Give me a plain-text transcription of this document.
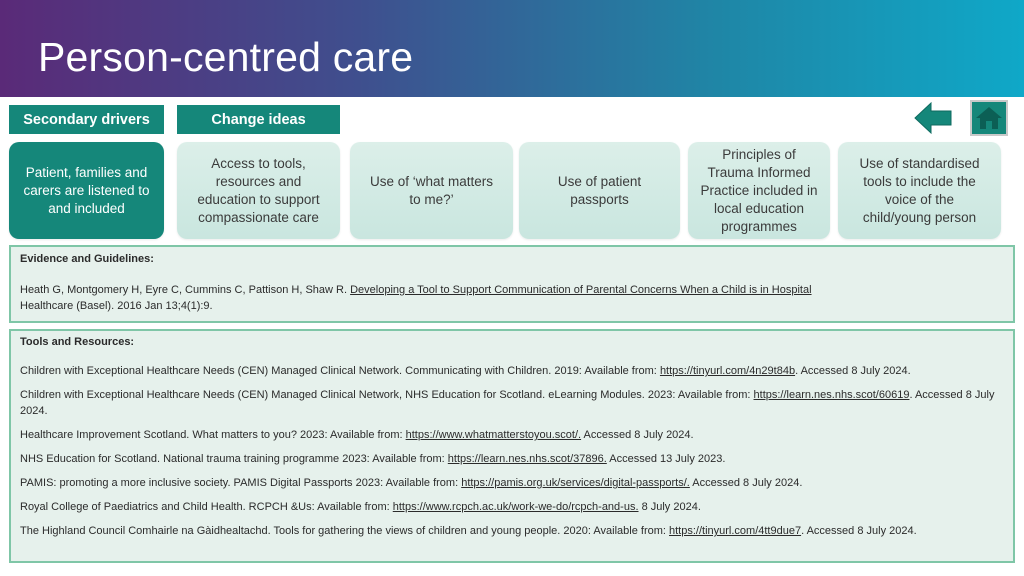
Person-centred care
Secondary drivers	Change ideas
Patient, families and carers are listened to and included
Access to tools, resources and education to support compassionate care
Use of ‘what matters to me?’
Use of patient passports
Principles of Trauma Informed Practice included in local education programmes
Use of standardised tools to include the voice of the child/young person
Evidence and Guidelines:
Heath G, Montgomery H, Eyre C, Cummins C, Pattison H, Shaw R. Developing a Tool to Support Communication of Parental Concerns When a Child is in Hospital
Healthcare (Basel). 2016 Jan 13;4(1):9.
Tools and Resources:
Children with Exceptional Healthcare Needs (CEN) Managed Clinical Network. Communicating with Children. 2019: Available from: https://tinyurl.com/4n29t84b. Accessed 8 July 2024.
Children with Exceptional Healthcare Needs (CEN) Managed Clinical Network, NHS Education for Scotland. eLearning Modules. 2023: Available from: https://learn.nes.nhs.scot/60619. Accessed 8 July 2024.
Healthcare Improvement Scotland. What matters to you? 2023: Available from: https://www.whatmatterstoyou.scot/. Accessed 8 July 2024.
NHS Education for Scotland. National trauma training programme 2023: Available from: https://learn.nes.nhs.scot/37896. Accessed 13 July 2023.
PAMIS: promoting a more inclusive society. PAMIS Digital Passports 2023: Available from: https://pamis.org.uk/services/digital-passports/. Accessed 8 July 2024.
Royal College of Paediatrics and Child Health. RCPCH &Us: Available from: https://www.rcpch.ac.uk/work-we-do/rcpch-and-us. 8 July 2024.
The Highland Council Comhairle na Gàidhealtachd. Tools for gathering the views of children and young people. 2020: Available from: https://tinyurl.com/4tt9due7. Accessed 8 July 2024.
